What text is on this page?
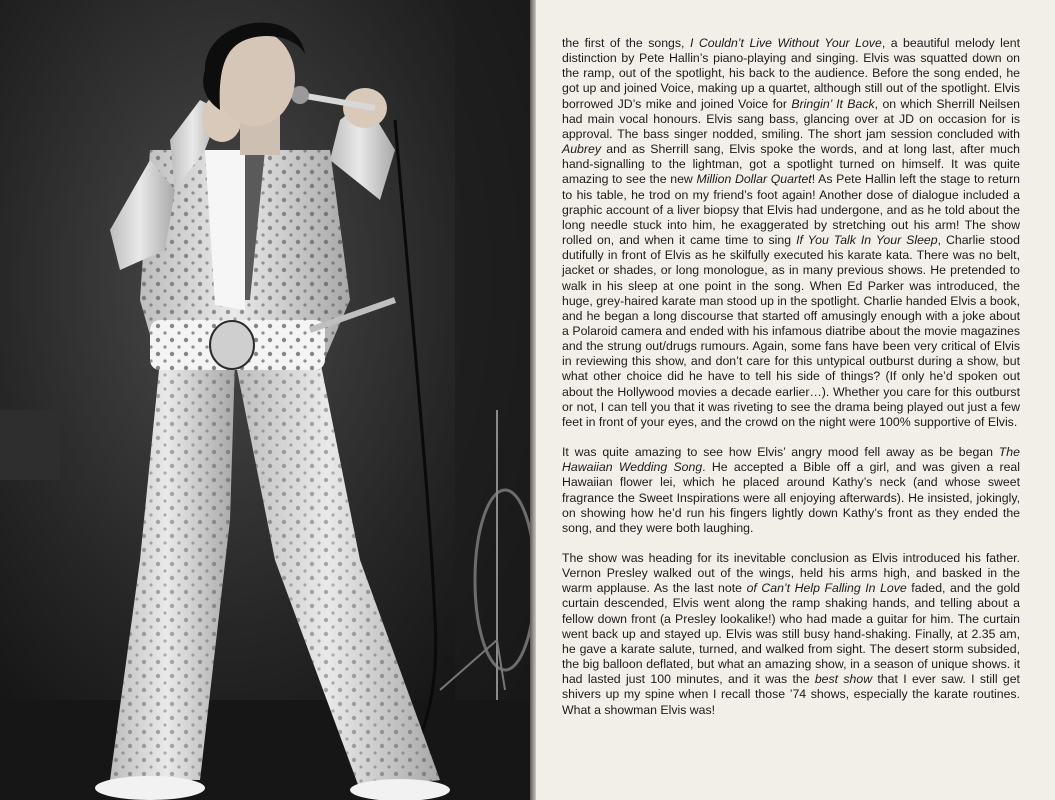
the first of the songs, I Couldn’t Live Without Your Love, a beautiful melody lent distinction by Pete Hallin’s piano-playing and singing. Elvis was squatted down on the ramp, out of the spotlight, his back to the audience. Before the song ended, he got up and joined Voice, making up a quartet, although still out of the spotlight. Elvis borrowed JD’s mike and joined Voice for Bringin’ It Back, on which Sherrill Neilsen had main vocal honours. Elvis sang bass, glancing over at JD on occasion for is approval. The bass singer nodded, smiling. The short jam session concluded with Aubrey and as Sherrill sang, Elvis spoke the words, and at long last, after much hand-signalling to the lightman, got a spotlight turned on himself. It was quite amazing to see the new Million Dollar Quartet! As Pete Hallin left the stage to return to his table, he trod on my friend’s foot again! Another dose of dialogue included a graphic account of a liver biopsy that Elvis had undergone, and as he told about the long needle stuck into him, he exaggerated by stretching out his arm! The show rolled on, and when it came time to sing If You Talk In Your Sleep, Charlie stood dutifully in front of Elvis as he skilfully executed his karate kata. There was no belt, jacket or shades, or long monologue, as in many previous shows. He pretended to walk in his sleep at one point in the song. When Ed Parker was introduced, the huge, grey-haired karate man stood up in the spotlight. Charlie handed Elvis a book, and he began a long discourse that started off amusingly enough with a joke about a Polaroid camera and ended with his infamous diatribe about the movie magazines and the strung out/drugs rumours. Again, some fans have been very critical of Elvis in reviewing this show, and don’t care for this untypical outburst during a show, but what other choice did he have to tell his side of things? (If only he’d spoken out about the Hollywood movies a decade earlier…). Whether you care for this outburst or not, I can tell you that it was riveting to see the drama being played out just a few feet in front of your eyes, and the crowd on the night were 100% supportive of Elvis.

It was quite amazing to see how Elvis’ angry mood fell away as be began The Hawaiian Wedding Song. He accepted a Bible off a girl, and was given a real Hawaiian flower lei, which he placed around Kathy’s neck (and whose sweet fragrance the Sweet Inspirations were all enjoying afterwards). He insisted, jokingly, on showing how he’d run his fingers lightly down Kathy’s front as they ended the song, and they were both laughing.

The show was heading for its inevitable conclusion as Elvis introduced his father. Vernon Presley walked out of the wings, held his arms high, and basked in the warm applause. As the last note of Can’t Help Falling In Love faded, and the gold curtain descended, Elvis went along the ramp shaking hands, and telling about a fellow down front (a Presley lookalike!) who had made a guitar for him. The curtain went back up and stayed up. Elvis was still busy hand-shaking. Finally, at 2.35 am, he gave a karate salute, turned, and walked from sight. The desert storm subsided, the big balloon deflated, but what an amazing show, in a season of unique shows. it had lasted just 100 minutes, and it was the best show that I ever saw. I still get shivers up my spine when I recall those ’74 shows, especially the karate routines. What a showman Elvis was!
